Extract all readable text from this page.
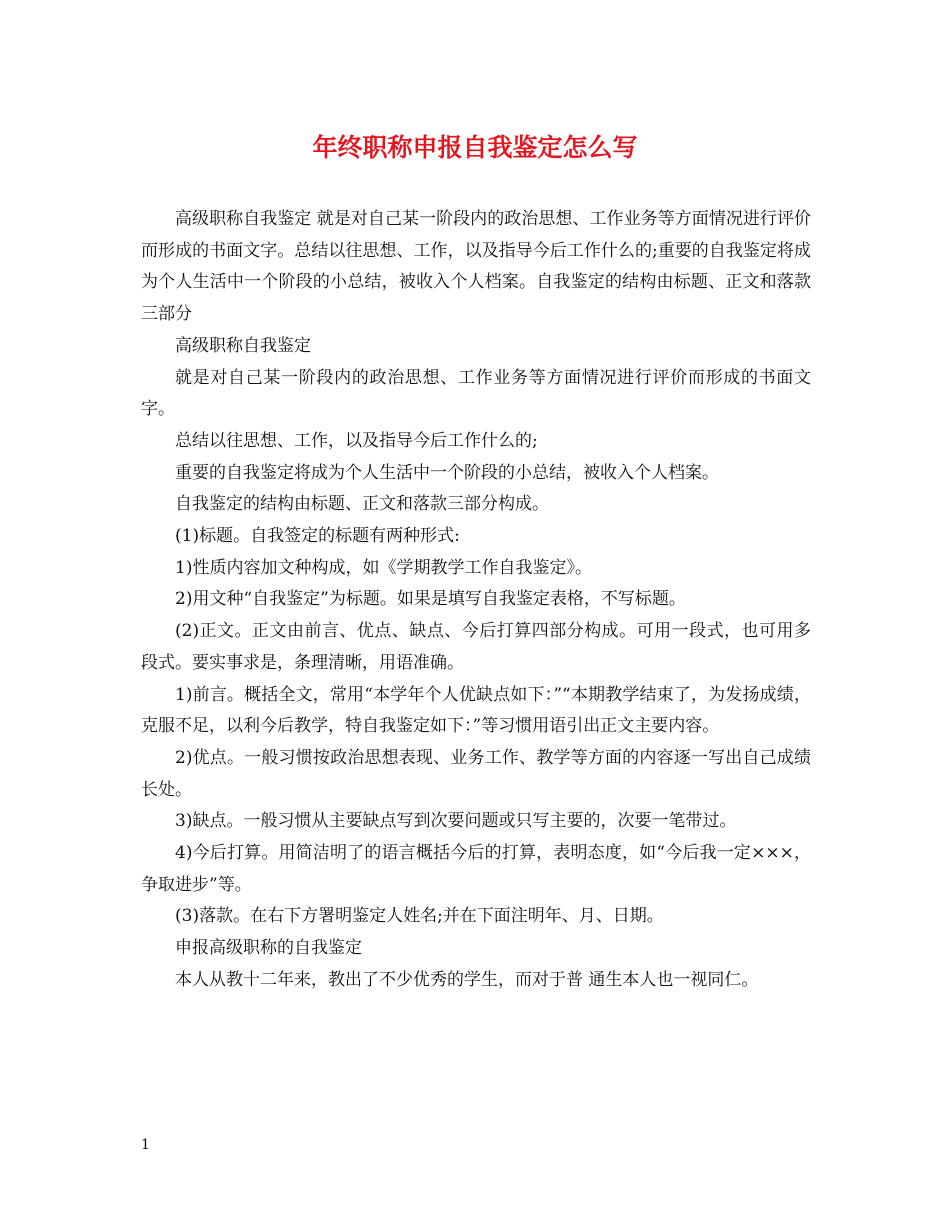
年终职称申报自我鉴定怎么写

高级职称自我鉴定 就是对自己某一阶段内的政治思想、工作业务等方面情况进行评价而形成的书面文字。总结以往思想、工作，以及指导今后工作什么的;重要的自我鉴定将成为个人生活中一个阶段的小总结，被收入个人档案。自我鉴定的结构由标题、正文和落款三部分

高级职称自我鉴定

就是对自己某一阶段内的政治思想、工作业务等方面情况进行评价而形成的书面文字。

总结以往思想、工作，以及指导今后工作什么的;

重要的自我鉴定将成为个人生活中一个阶段的小总结，被收入个人档案。

自我鉴定的结构由标题、正文和落款三部分构成。

(1)标题。自我签定的标题有两种形式:

1)性质内容加文种构成，如《学期教学工作自我鉴定》。

2)用文种“自我鉴定”为标题。如果是填写自我鉴定表格，不写标题。

(2)正文。正文由前言、优点、缺点、今后打算四部分构成。可用一段式，也可用多段式。要实事求是，条理清晰，用语准确。

1)前言。概括全文，常用“本学年个人优缺点如下：”“本期教学结束了，为发扬成绩，克服不足，以利今后教学，特自我鉴定如下：”等习惯用语引出正文主要内容。

2)优点。一般习惯按政治思想表现、业务工作、教学等方面的内容逐一写出自己成绩长处。

3)缺点。一般习惯从主要缺点写到次要问题或只写主要的，次要一笔带过。

4)今后打算。用简洁明了的语言概括今后的打算，表明态度，如“今后我一定×××，争取进步”等。

(3)落款。在右下方署明鉴定人姓名;并在下面注明年、月、日期。

申报高级职称的自我鉴定

本人从教十二年来，教出了不少优秀的学生，而对于普 通生本人也一视同仁。

1
